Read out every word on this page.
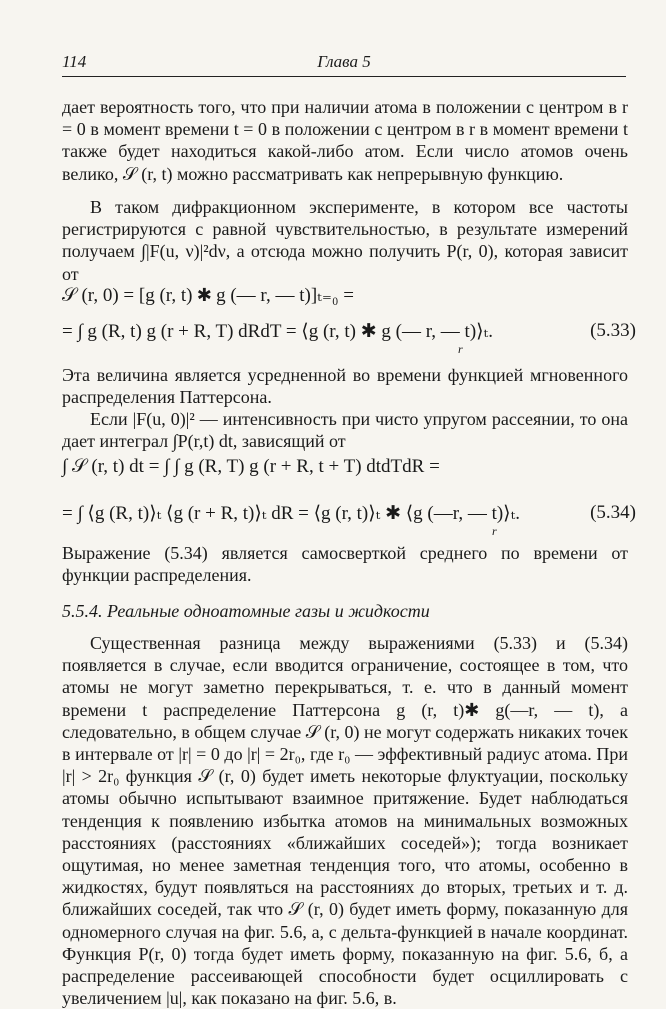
114	Глава 5
дает вероятность того, что при наличии атома в положении с центром в r = 0 в момент времени t = 0 в положении с центром в r в момент времени t также будет находиться какой-либо атом. Если число атомов очень велико, 𝒮 (r, t) можно рассматривать как непрерывную функцию.
В таком дифракционном эксперименте, в котором все частоты регистрируются с равной чувствительностью, в результате измерений получаем ∫|F(u, ν)|²dν, а отсюда можно получить P(r, 0), которая зависит от
𝒮 (r, 0) = [g (r, t) ✱ g (— r, — t)]ₜ₌₀ =
= ∫ g (R, t) g (r + R, T) dRdT = ⟨g (r, t) ✱ g (— r, — t)⟩ₜ.
r
(5.33)
Эта величина является усредненной во времени функцией мгновенного распределения Паттерсона.
Если |F(u, 0)|² — интенсивность при чисто упругом рассеянии, то она дает интеграл ∫P(r,t) dt, зависящий от
∫ 𝒮 (r, t) dt = ∫ ∫ g (R, T) g (r + R, t + T) dtdTdR =
= ∫ ⟨g (R, t)⟩ₜ ⟨g (r + R, t)⟩ₜ dR = ⟨g (r, t)⟩ₜ ✱ ⟨g (—r, — t)⟩ₜ.
r
(5.34)
Выражение (5.34) является самосверткой среднего по времени от функции распределения.
5.5.4. Реальные одноатомные газы и жидкости
Существенная разница между выражениями (5.33) и (5.34) появляется в случае, если вводится ограничение, состоящее в том, что атомы не могут заметно перекрываться, т. е. что в данный момент времени t распределение Паттерсона g (r, t)✱ g(—r, — t), а следовательно, в общем случае 𝒮 (r, 0) не могут содержать никаких точек в интервале от |r| = 0 до |r| = 2r₀, где r₀ — эффективный радиус атома. При |r| > 2r₀ функция 𝒮 (r, 0) будет иметь некоторые флуктуации, поскольку атомы обычно испытывают взаимное притяжение. Будет наблюдаться тенденция к появлению избытка атомов на минимальных возможных расстояниях (расстояниях «ближайших соседей»); тогда возникает ощутимая, но менее заметная тенденция того, что атомы, особенно в жидкостях, будут появляться на расстояниях до вторых, третьих и т. д. ближайших соседей, так что 𝒮 (r, 0) будет иметь форму, показанную для одномерного случая на фиг. 5.6, а, с дельта-функцией в начале координат. Функция P(r, 0) тогда будет иметь форму, показанную на фиг. 5.6, б, а распределение рассеивающей способности будет осциллировать с увеличением |u|, как показано на фиг. 5.6, в.
